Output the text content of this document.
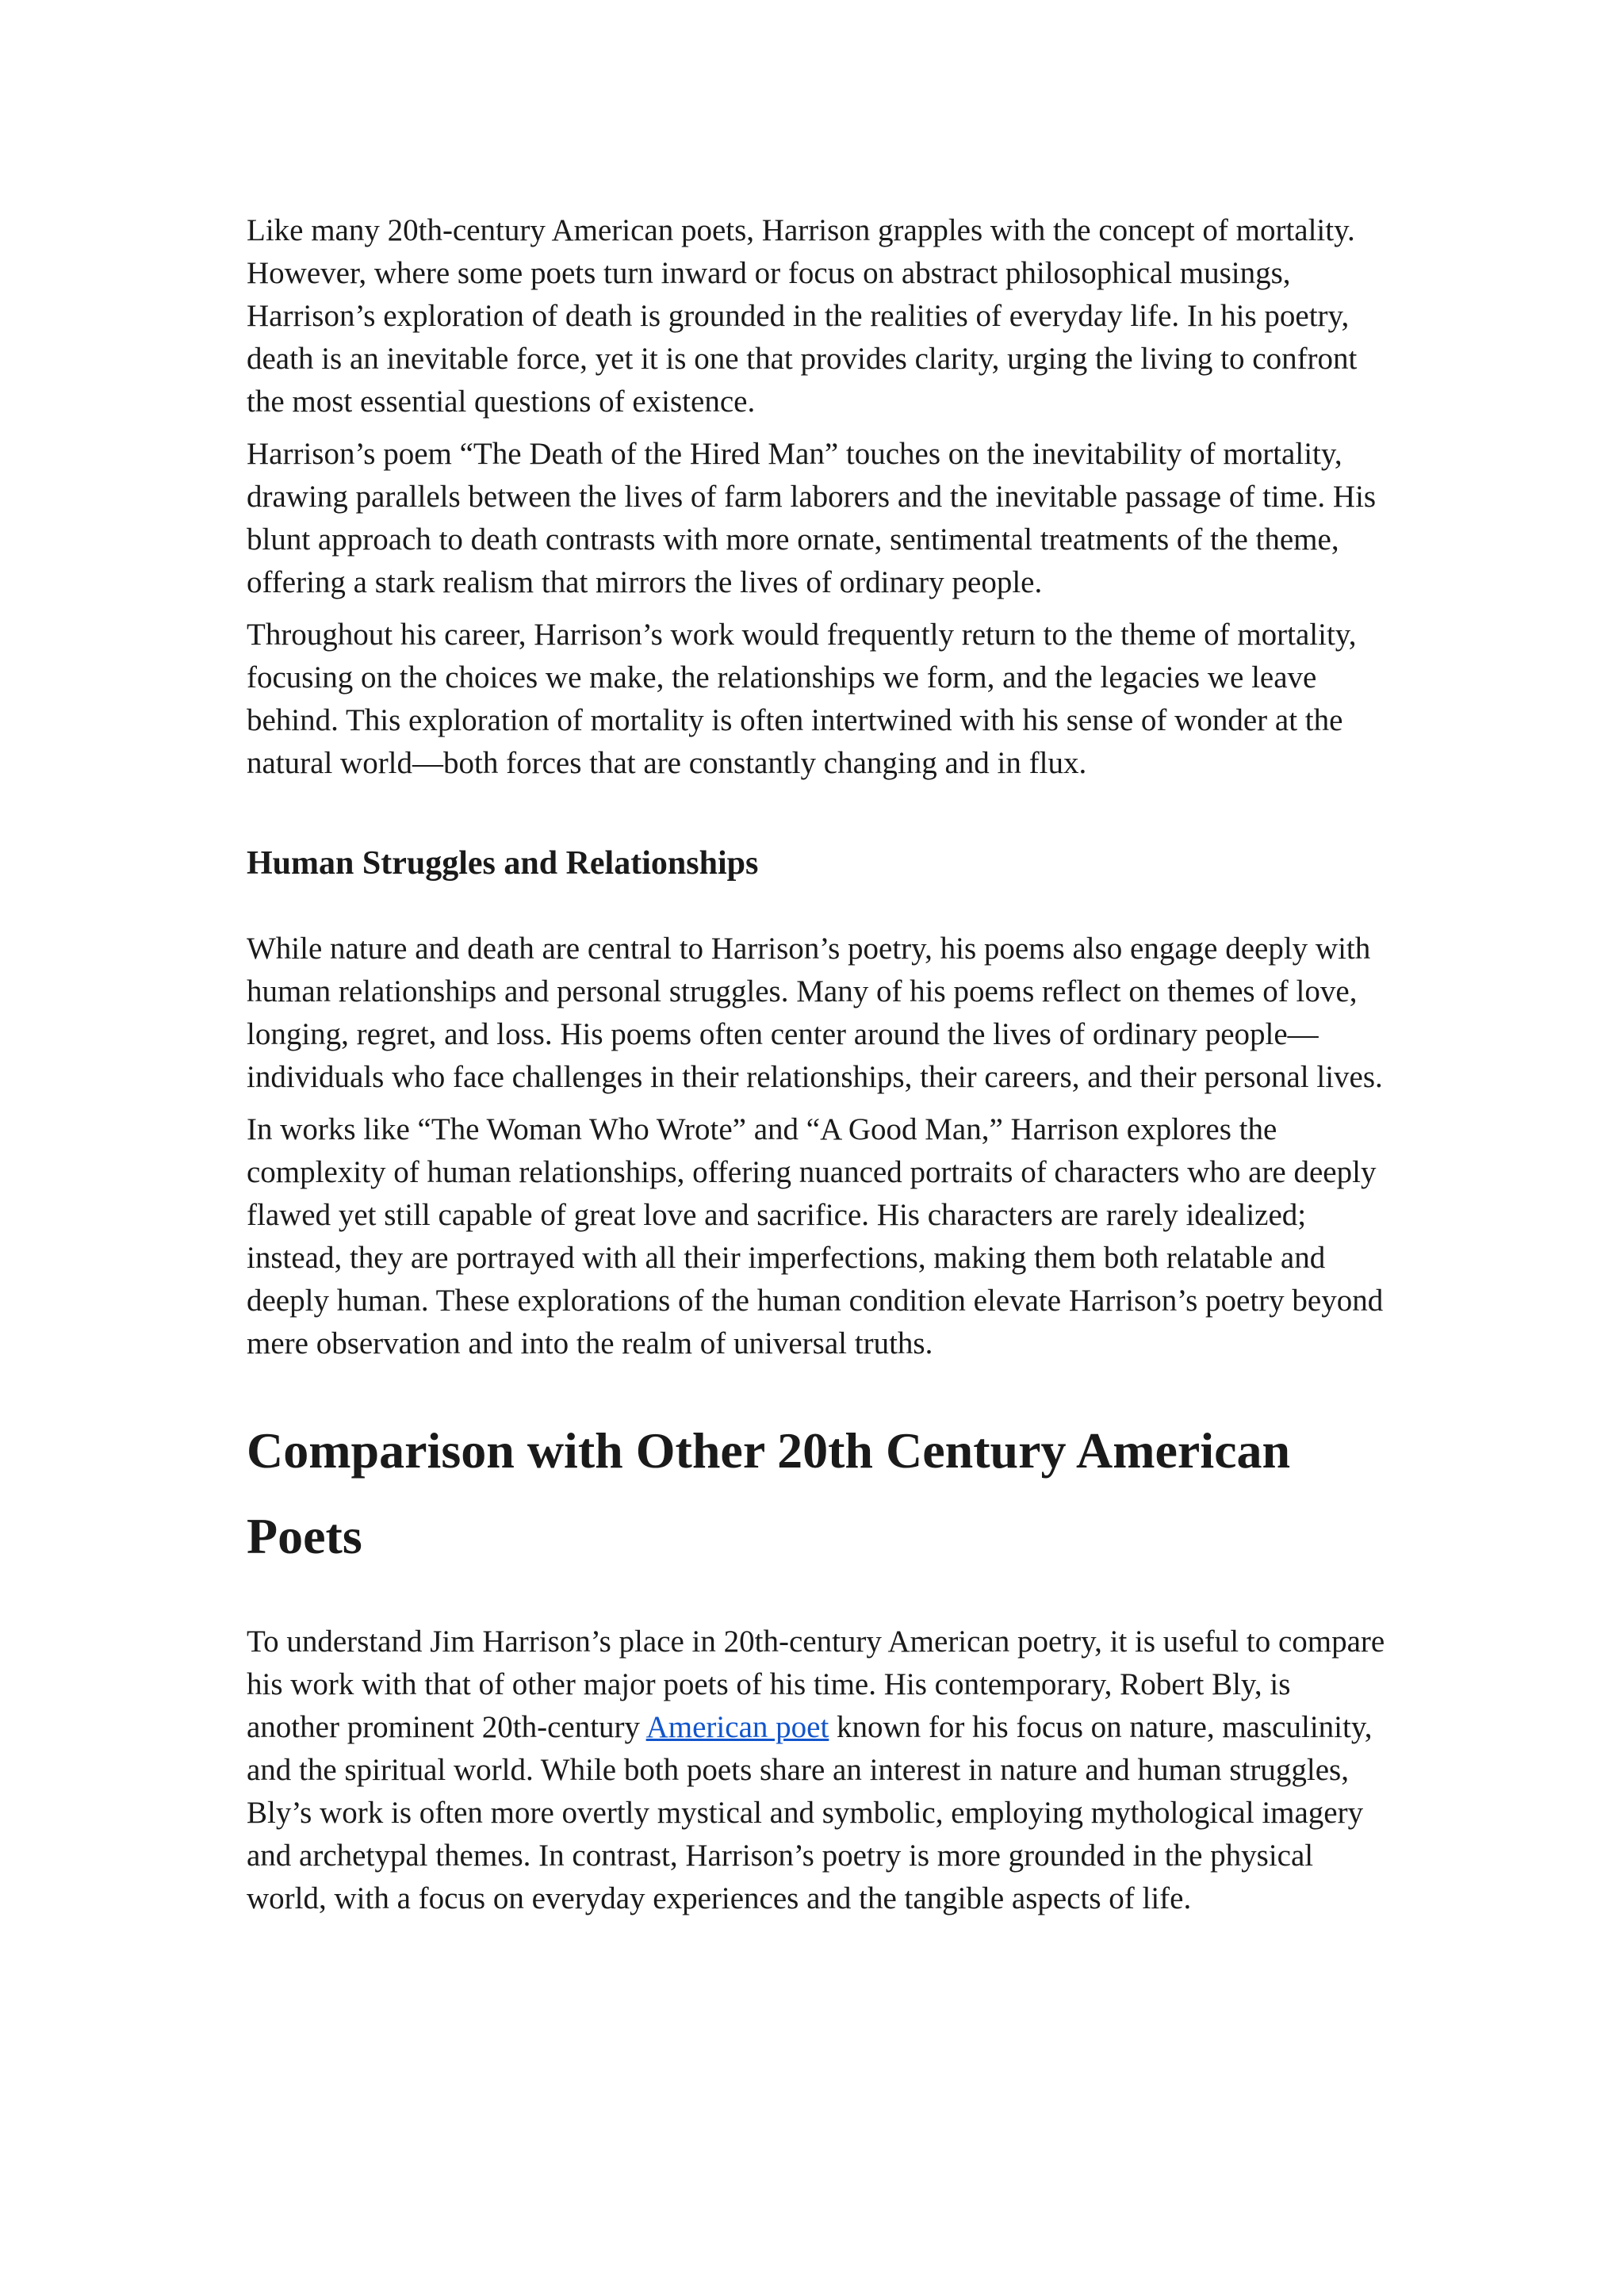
Like many 20th-century American poets, Harrison grapples with the concept of mortality. However, where some poets turn inward or focus on abstract philosophical musings, Harrison’s exploration of death is grounded in the realities of everyday life. In his poetry, death is an inevitable force, yet it is one that provides clarity, urging the living to confront the most essential questions of existence.

Harrison’s poem “The Death of the Hired Man” touches on the inevitability of mortality, drawing parallels between the lives of farm laborers and the inevitable passage of time. His blunt approach to death contrasts with more ornate, sentimental treatments of the theme, offering a stark realism that mirrors the lives of ordinary people.

Throughout his career, Harrison’s work would frequently return to the theme of mortality, focusing on the choices we make, the relationships we form, and the legacies we leave behind. This exploration of mortality is often intertwined with his sense of wonder at the natural world—both forces that are constantly changing and in flux.

Human Struggles and Relationships

While nature and death are central to Harrison’s poetry, his poems also engage deeply with human relationships and personal struggles. Many of his poems reflect on themes of love, longing, regret, and loss. His poems often center around the lives of ordinary people—individuals who face challenges in their relationships, their careers, and their personal lives.

In works like “The Woman Who Wrote” and “A Good Man,” Harrison explores the complexity of human relationships, offering nuanced portraits of characters who are deeply flawed yet still capable of great love and sacrifice. His characters are rarely idealized; instead, they are portrayed with all their imperfections, making them both relatable and deeply human. These explorations of the human condition elevate Harrison’s poetry beyond mere observation and into the realm of universal truths.

Comparison with Other 20th Century American Poets

To understand Jim Harrison’s place in 20th-century American poetry, it is useful to compare his work with that of other major poets of his time. His contemporary, Robert Bly, is another prominent 20th-century American poet known for his focus on nature, masculinity, and the spiritual world. While both poets share an interest in nature and human struggles, Bly’s work is often more overtly mystical and symbolic, employing mythological imagery and archetypal themes. In contrast, Harrison’s poetry is more grounded in the physical world, with a focus on everyday experiences and the tangible aspects of life.
